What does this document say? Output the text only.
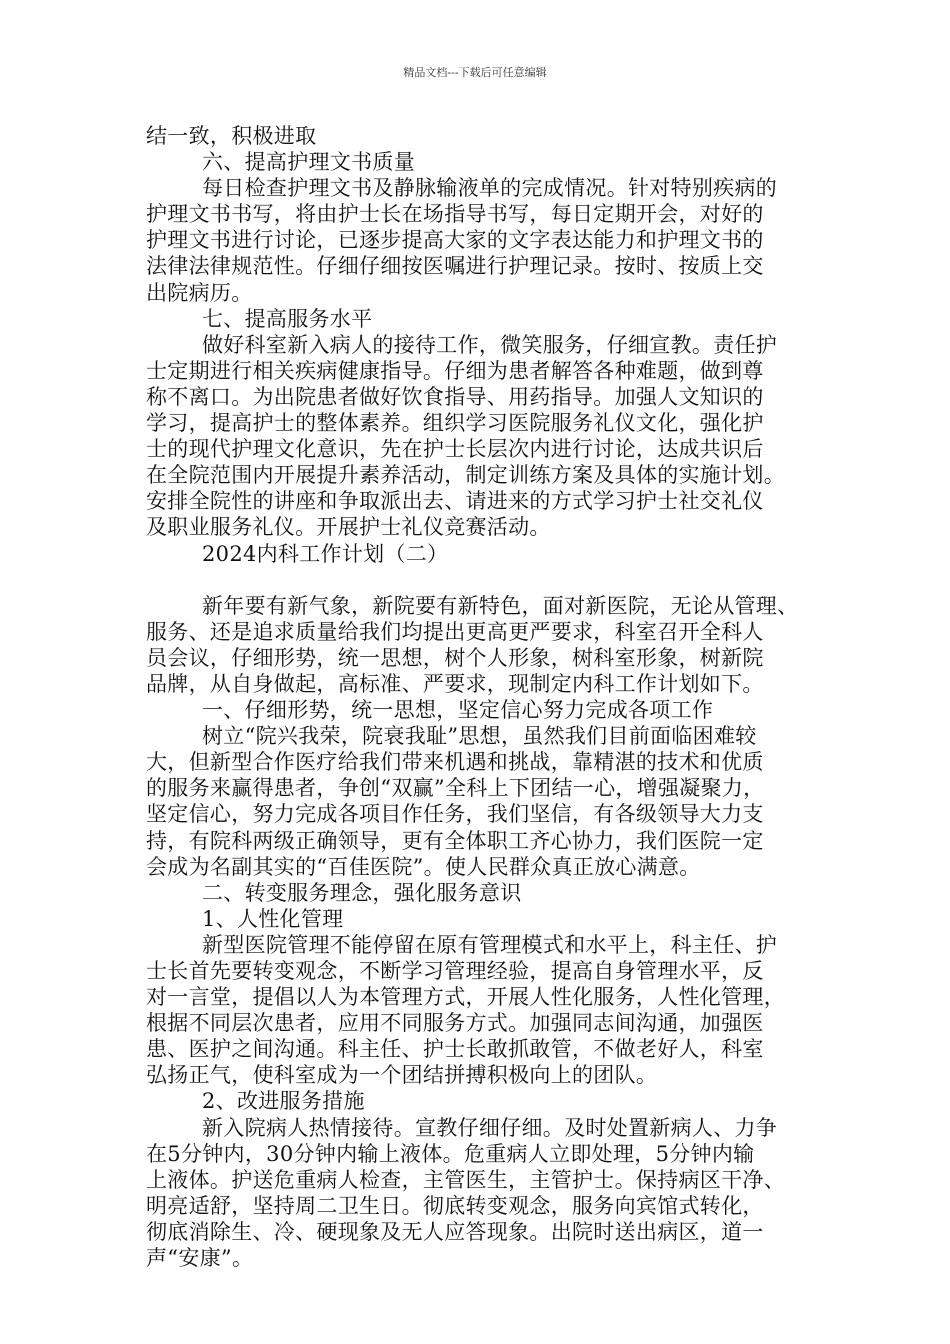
精品文档---下载后可任意编辑
结一致，积极进取
六、提高护理文书质量
每日检查护理文书及静脉输液单的完成情况。针对特别疾病的
护理文书书写，将由护士长在场指导书写，每日定期开会，对好的
护理文书进行讨论，已逐步提高大家的文字表达能力和护理文书的
法律法律规范性。仔细仔细按医嘱进行护理记录。按时、按质上交
出院病历。
七、提高服务水平
做好科室新入病人的接待工作，微笑服务，仔细宣教。责任护
士定期进行相关疾病健康指导。仔细为患者解答各种难题，做到尊
称不离口。为出院患者做好饮食指导、用药指导。加强人文知识的
学习，提高护士的整体素养。组织学习医院服务礼仪文化，强化护
士的现代护理文化意识，先在护士长层次内进行讨论，达成共识后
在全院范围内开展提升素养活动，制定训练方案及具体的实施计划。
安排全院性的讲座和争取派出去、请进来的方式学习护士社交礼仪
及职业服务礼仪。开展护士礼仪竞赛活动。
2024内科工作计划（二）
新年要有新气象，新院要有新特色，面对新医院，无论从管理、
服务、还是追求质量给我们均提出更高更严要求，科室召开全科人
员会议，仔细形势，统一思想，树个人形象，树科室形象，树新院
品牌，从自身做起，高标准、严要求，现制定内科工作计划如下。
一、仔细形势，统一思想，坚定信心努力完成各项工作
树立“院兴我荣，院衰我耻”思想，虽然我们目前面临困难较
大，但新型合作医疗给我们带来机遇和挑战，靠精湛的技术和优质
的服务来赢得患者，争创“双赢”全科上下团结一心，增强凝聚力，
坚定信心，努力完成各项目作任务，我们坚信，有各级领导大力支
持，有院科两级正确领导，更有全体职工齐心协力，我们医院一定
会成为名副其实的“百佳医院”。使人民群众真正放心满意。
二、转变服务理念，强化服务意识
1、人性化管理
新型医院管理不能停留在原有管理模式和水平上，科主任、护
士长首先要转变观念，不断学习管理经验，提高自身管理水平，反
对一言堂，提倡以人为本管理方式，开展人性化服务，人性化管理，
根据不同层次患者，应用不同服务方式。加强同志间沟通，加强医
患、医护之间沟通。科主任、护士长敢抓敢管，不做老好人，科室
弘扬正气，使科室成为一个团结拼搏积极向上的团队。
2、改进服务措施
新入院病人热情接待。宣教仔细仔细。及时处置新病人、力争
在5分钟内，30分钟内输上液体。危重病人立即处理，5分钟内输
上液体。护送危重病人检查，主管医生，主管护士。保持病区干净、
明亮适舒，坚持周二卫生日。彻底转变观念，服务向宾馆式转化，
彻底消除生、冷、硬现象及无人应答现象。出院时送出病区，道一
声“安康”。
